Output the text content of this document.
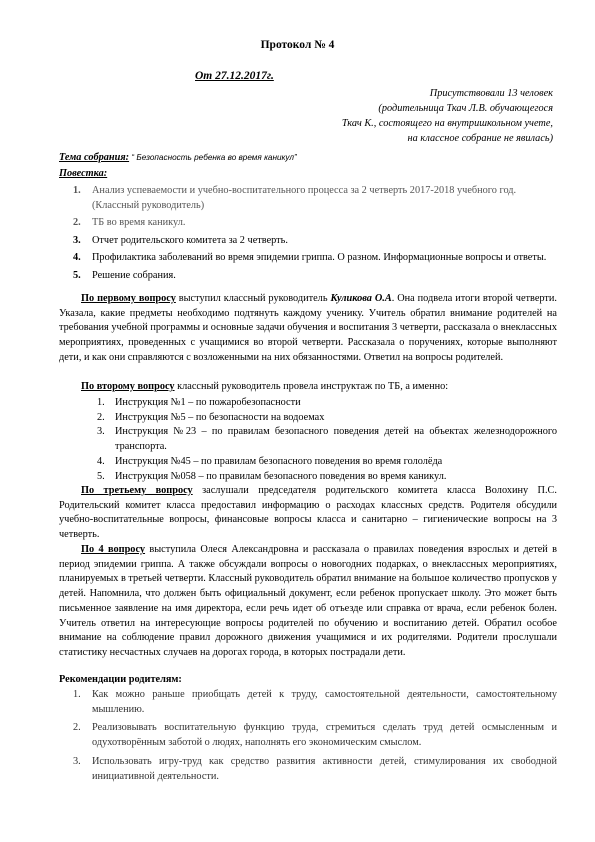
Протокол № 4
От 27.12.2017г.
Присутствовали 13 человек
(родительница Ткач Л.В. обучающегося
Ткач К., состоящего на внутришкольном учете,
на классное собрание не явилась)
Тема собрания: “ Безопасность ребенка во время каникул”
Повестка:
1. Анализ успеваемости и учебно-воспитательного процесса за 2 четверть 2017-2018 учебного год. (Классный руководитель)
2. ТБ во время каникул.
3. Отчет родительского комитета за 2 четверть.
4. Профилактика заболеваний во время эпидемии гриппа. О разном. Информационные вопросы и ответы.
5. Решение собрания.
По первому вопросу выступил классный руководитель Куликова О.А. Она подвела итоги второй четверти. Указала, какие предметы необходимо подтянуть каждому ученику. Учитель обратил внимание родителей на требования учебной программы и основные задачи обучения и воспитания 3 четверти, рассказала о внеклассных мероприятиях, проведенных с учащимися во второй четверти. Рассказала о поручениях, которые выполняют дети, и как они справляются с возложенными на них обязанностями. Ответил на вопросы родителей.
По второму вопросу классный руководитель провела инструктаж по ТБ, а именно:
1. Инструкция №1 – по пожаробезопасности
2. Инструкция №5 – по безопасности на водоемах
3. Инструкция №23 – по правилам безопасного поведения детей на объектах железнодорожного транспорта.
4. Инструкция №45 – по правилам безопасного поведения во время гололёда
5. Инструкция №058 – по правилам безопасного поведения во время каникул.
По третьему вопросу заслушали председателя родительского комитета класса Волохину П.С. Родительский комитет класса предоставил информацию о расходах классных средств. Родителя обсудили учебно-воспитательные вопросы, финансовые вопросы класса и санитарно – гигиенические вопросы на 3 четверть.
По 4 вопросу выступила Олеся Александровна и рассказала о правилах поведения взрослых и детей в период эпидемии гриппа. А также обсуждали вопросы о новогодних подарках, о внеклассных мероприятиях, планируемых в третьей четверти. Классный руководитель обратил внимание на большое количество пропусков у детей. Напомнила, что должен быть официальный документ, если ребенок пропускает школу. Это может быть письменное заявление на имя директора, если речь идет об отъезде или справка от врача, если ребенок болен. Учитель ответил на интересующие вопросы родителей по обучению и воспитанию детей. Обратил особое внимание на соблюдение правил дорожного движения учащимися и их родителями. Родители прослушали статистику несчастных случаев на дорогах города, в которых пострадали дети.
Рекомендации родителям:
1. Как можно раньше приобщать детей к труду, самостоятельной деятельности, самостоятельному мышлению.
2. Реализовывать воспитательную функцию труда, стремиться сделать труд детей осмысленным и одухотворённым заботой о людях, наполнять его экономическим смыслом.
3. Использовать игру-труд как средство развития активности детей, стимулирования их свободной инициативной деятельности.
